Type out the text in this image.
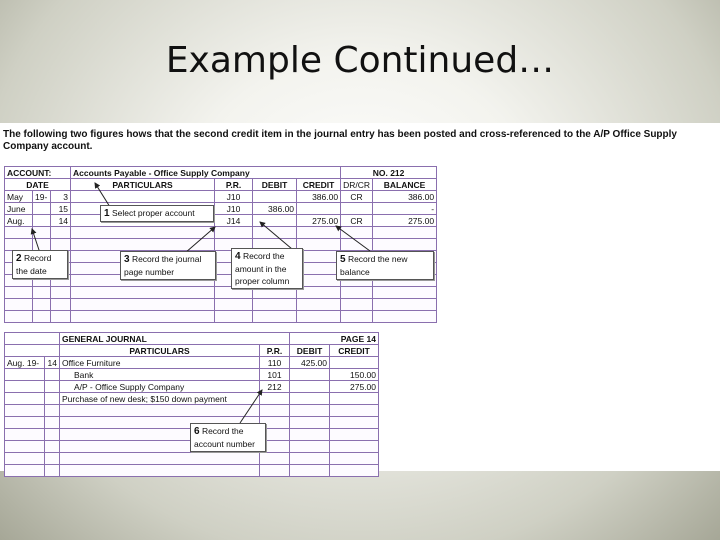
Example Continued…
The following two figures hows that the second credit item in the journal entry has been posted and cross-referenced to the A/P Office Supply Company account.
ACCOUNT:			Accounts Payable - Office Supply Company				NO. 212	
DATE			PARTICULARS	P.R.	DEBIT	CREDIT	DR/CR	BALANCE
May	19-	3		J10		386.00	CR	386.00
June		15		J10	386.00			-
Aug.		14		J14		275.00	CR	275.00

		GENERAL JOURNAL		PAGE 14	
		PARTICULARS	P.R.	DEBIT	CREDIT
Aug. 19-	14	Office Furniture	110	425.00	
		Bank	101		150.00
		A/P - Office Supply Company	212		275.00
		Purchase of new desk; $150 down payment			

1 Select proper account
2 Record the date
3 Record the journal page number
4 Record the amount in the proper column
5 Record the new balance
6 Record the account number
